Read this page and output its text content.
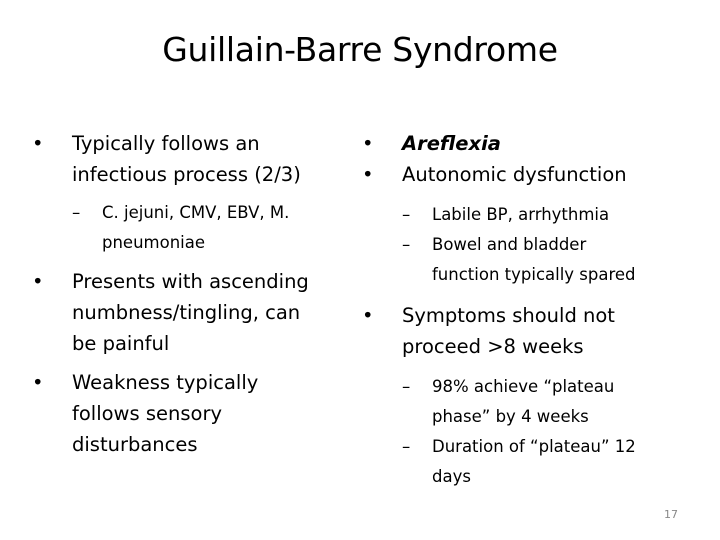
Guillain-Barre Syndrome
• Typically follows an
infectious process (2/3)
– C. jejuni, CMV, EBV, M.
pneumoniae
• Presents with ascending
numbness/tingling, can
be painful
• Weakness typically
follows sensory
disturbances
• Areflexia
• Autonomic dysfunction
– Labile BP, arrhythmia
– Bowel and bladder
function typically spared
• Symptoms should not
proceed >8 weeks
– 98% achieve “plateau
phase” by 4 weeks
– Duration of “plateau” 12
days
17
